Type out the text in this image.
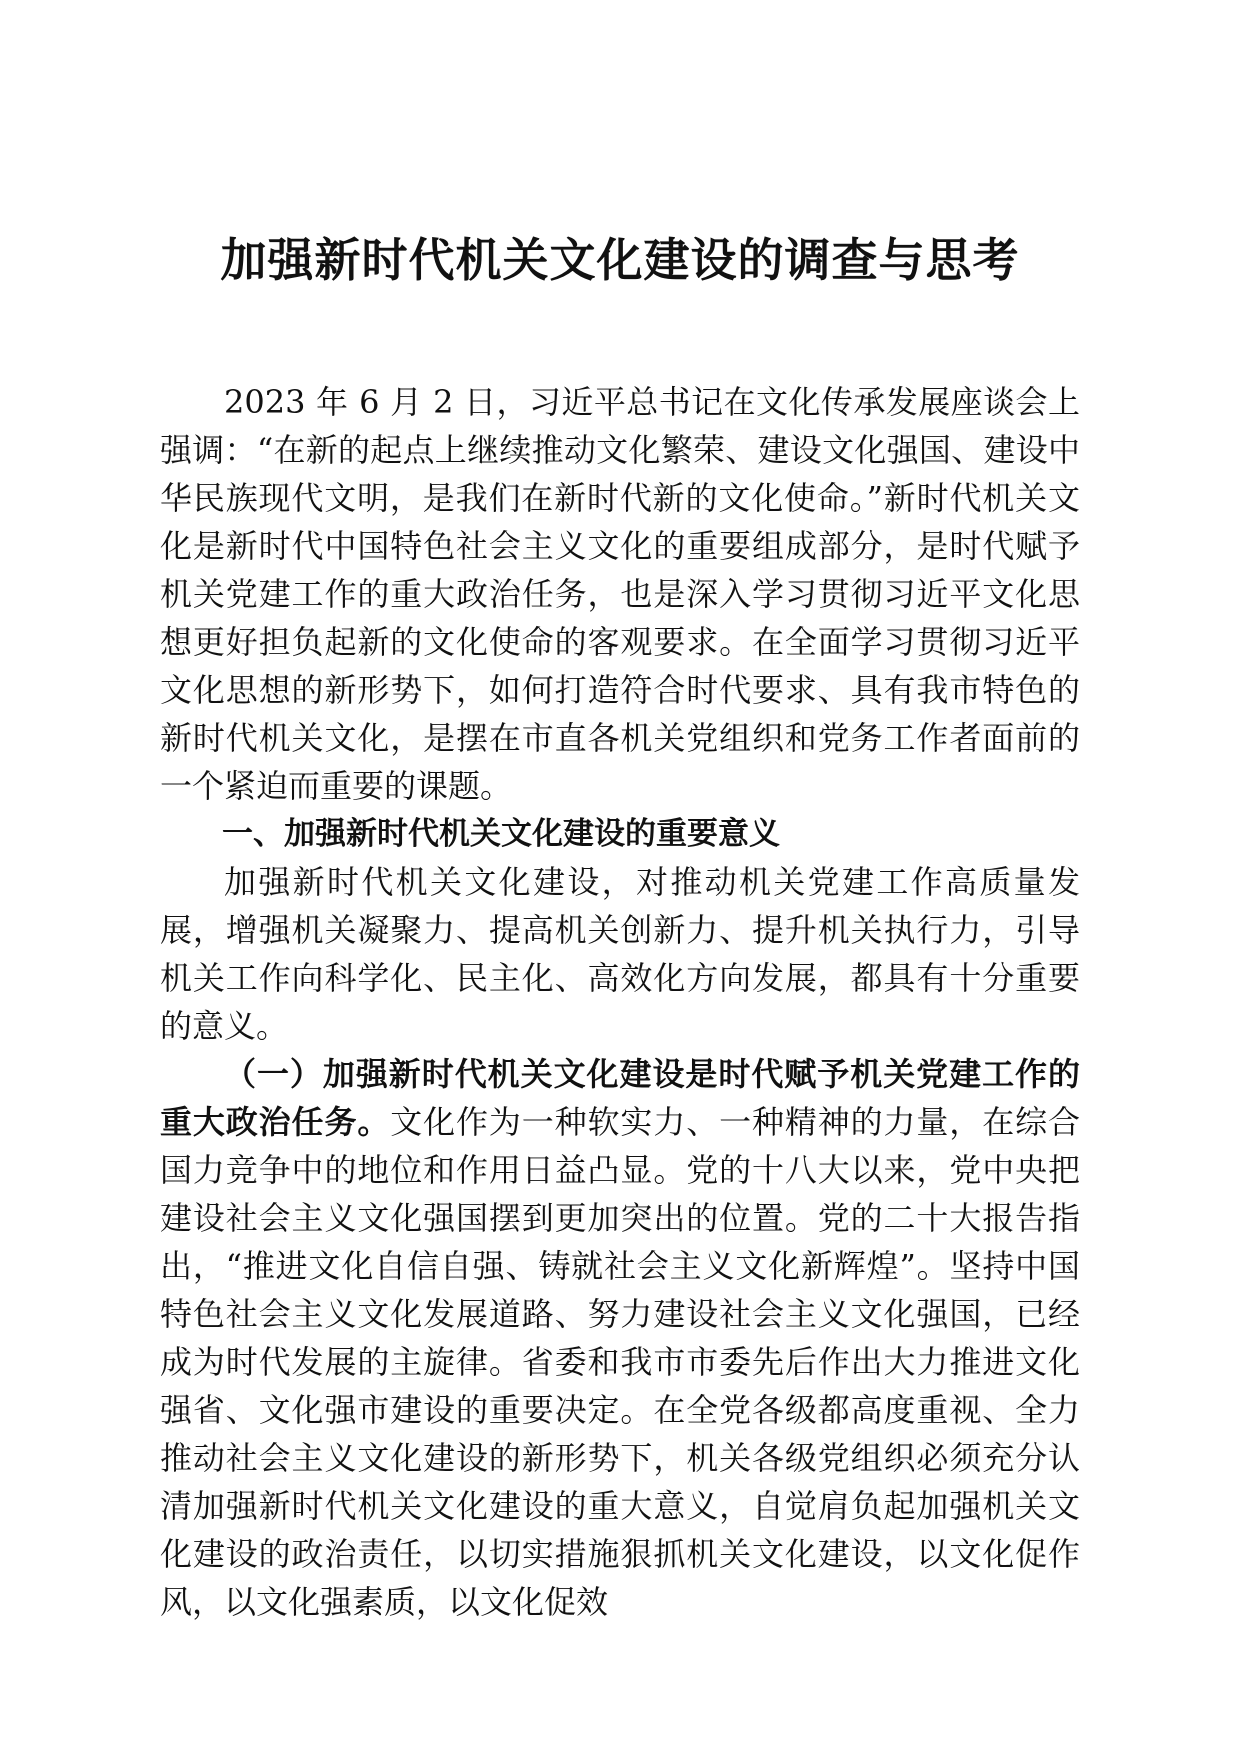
加强新时代机关文化建设的调查与思考

2023 年 6 月 2 日，习近平总书记在文化传承发展座谈会上强调：“在新的起点上继续推动文化繁荣、建设文化强国、建设中华民族现代文明，是我们在新时代新的文化使命。”新时代机关文化是新时代中国特色社会主义文化的重要组成部分，是时代赋予机关党建工作的重大政治任务，也是深入学习贯彻习近平文化思想更好担负起新的文化使命的客观要求。在全面学习贯彻习近平文化思想的新形势下，如何打造符合时代要求、具有我市特色的新时代机关文化，是摆在市直各机关党组织和党务工作者面前的一个紧迫而重要的课题。

一、加强新时代机关文化建设的重要意义

加强新时代机关文化建设，对推动机关党建工作高质量发展，增强机关凝聚力、提高机关创新力、提升机关执行力，引导机关工作向科学化、民主化、高效化方向发展，都具有十分重要的意义。

（一）加强新时代机关文化建设是时代赋予机关党建工作的重大政治任务。文化作为一种软实力、一种精神的力量，在综合国力竞争中的地位和作用日益凸显。党的十八大以来，党中央把建设社会主义文化强国摆到更加突出的位置。党的二十大报告指出，“推进文化自信自强、铸就社会主义文化新辉煌”。坚持中国特色社会主义文化发展道路、努力建设社会主义文化强国，已经成为时代发展的主旋律。省委和我市市委先后作出大力推进文化强省、文化强市建设的重要决定。在全党各级都高度重视、全力推动社会主义文化建设的新形势下，机关各级党组织必须充分认清加强新时代机关文化建设的重大意义，自觉肩负起加强机关文化建设的政治责任，以切实措施狠抓机关文化建设，以文化促作风，以文化强素质，以文化促效
